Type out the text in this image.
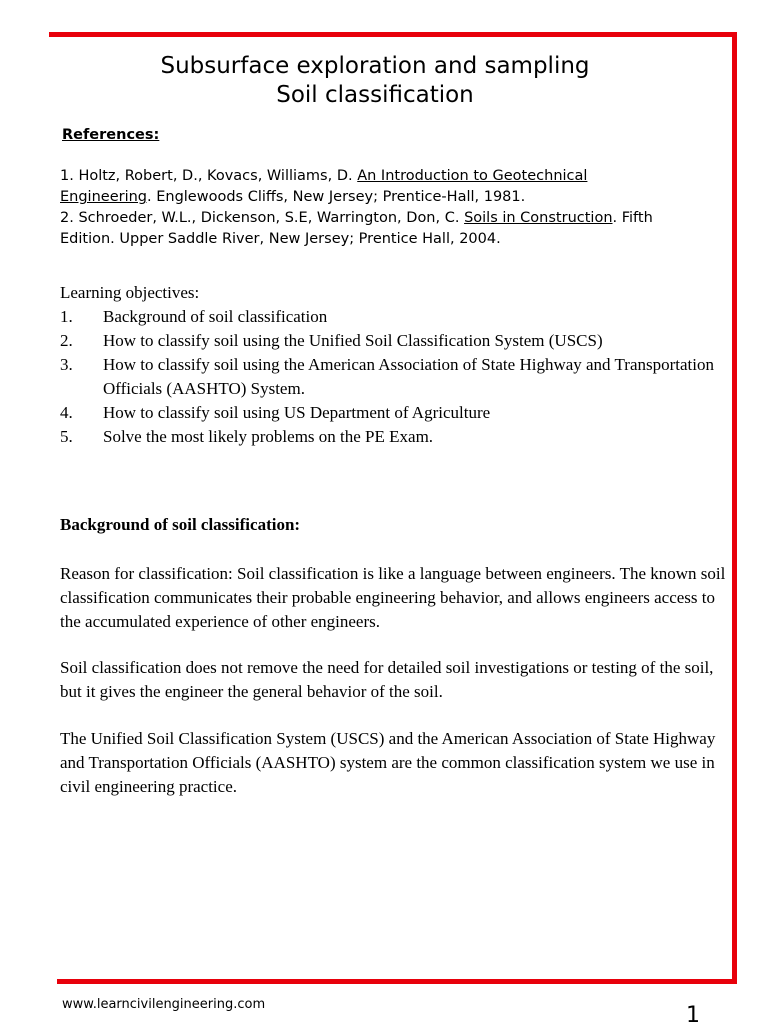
Subsurface exploration and sampling
Soil classification
References:
1. Holtz, Robert, D., Kovacs, Williams, D. An Introduction to Geotechnical
Engineering. Englewoods Cliffs, New Jersey; Prentice-Hall, 1981.
2. Schroeder, W.L., Dickenson, S.E, Warrington, Don, C. Soils in Construction. Fifth
Edition. Upper Saddle River, New Jersey; Prentice Hall, 2004.
Learning objectives:
1.	Background of soil classification
2.	How to classify soil using the Unified Soil Classification System (USCS)
3.	How to classify soil using the American Association of State Highway and Transportation Officials (AASHTO) System.
4.	How to classify soil using US Department of Agriculture
5.	Solve the most likely problems on the PE Exam.
Background of soil classification:
Reason for classification: Soil classification is like a language between engineers. The known soil classification communicates their probable engineering behavior, and allows engineers access to the accumulated experience of other engineers.
Soil classification does not remove the need for detailed soil investigations or testing of the soil, but it gives the engineer the general behavior of the soil.
The Unified Soil Classification System (USCS) and the American Association of State Highway and Transportation Officials (AASHTO) system are the common classification system we use in civil engineering practice.
www.learncivilengineering.com	1
